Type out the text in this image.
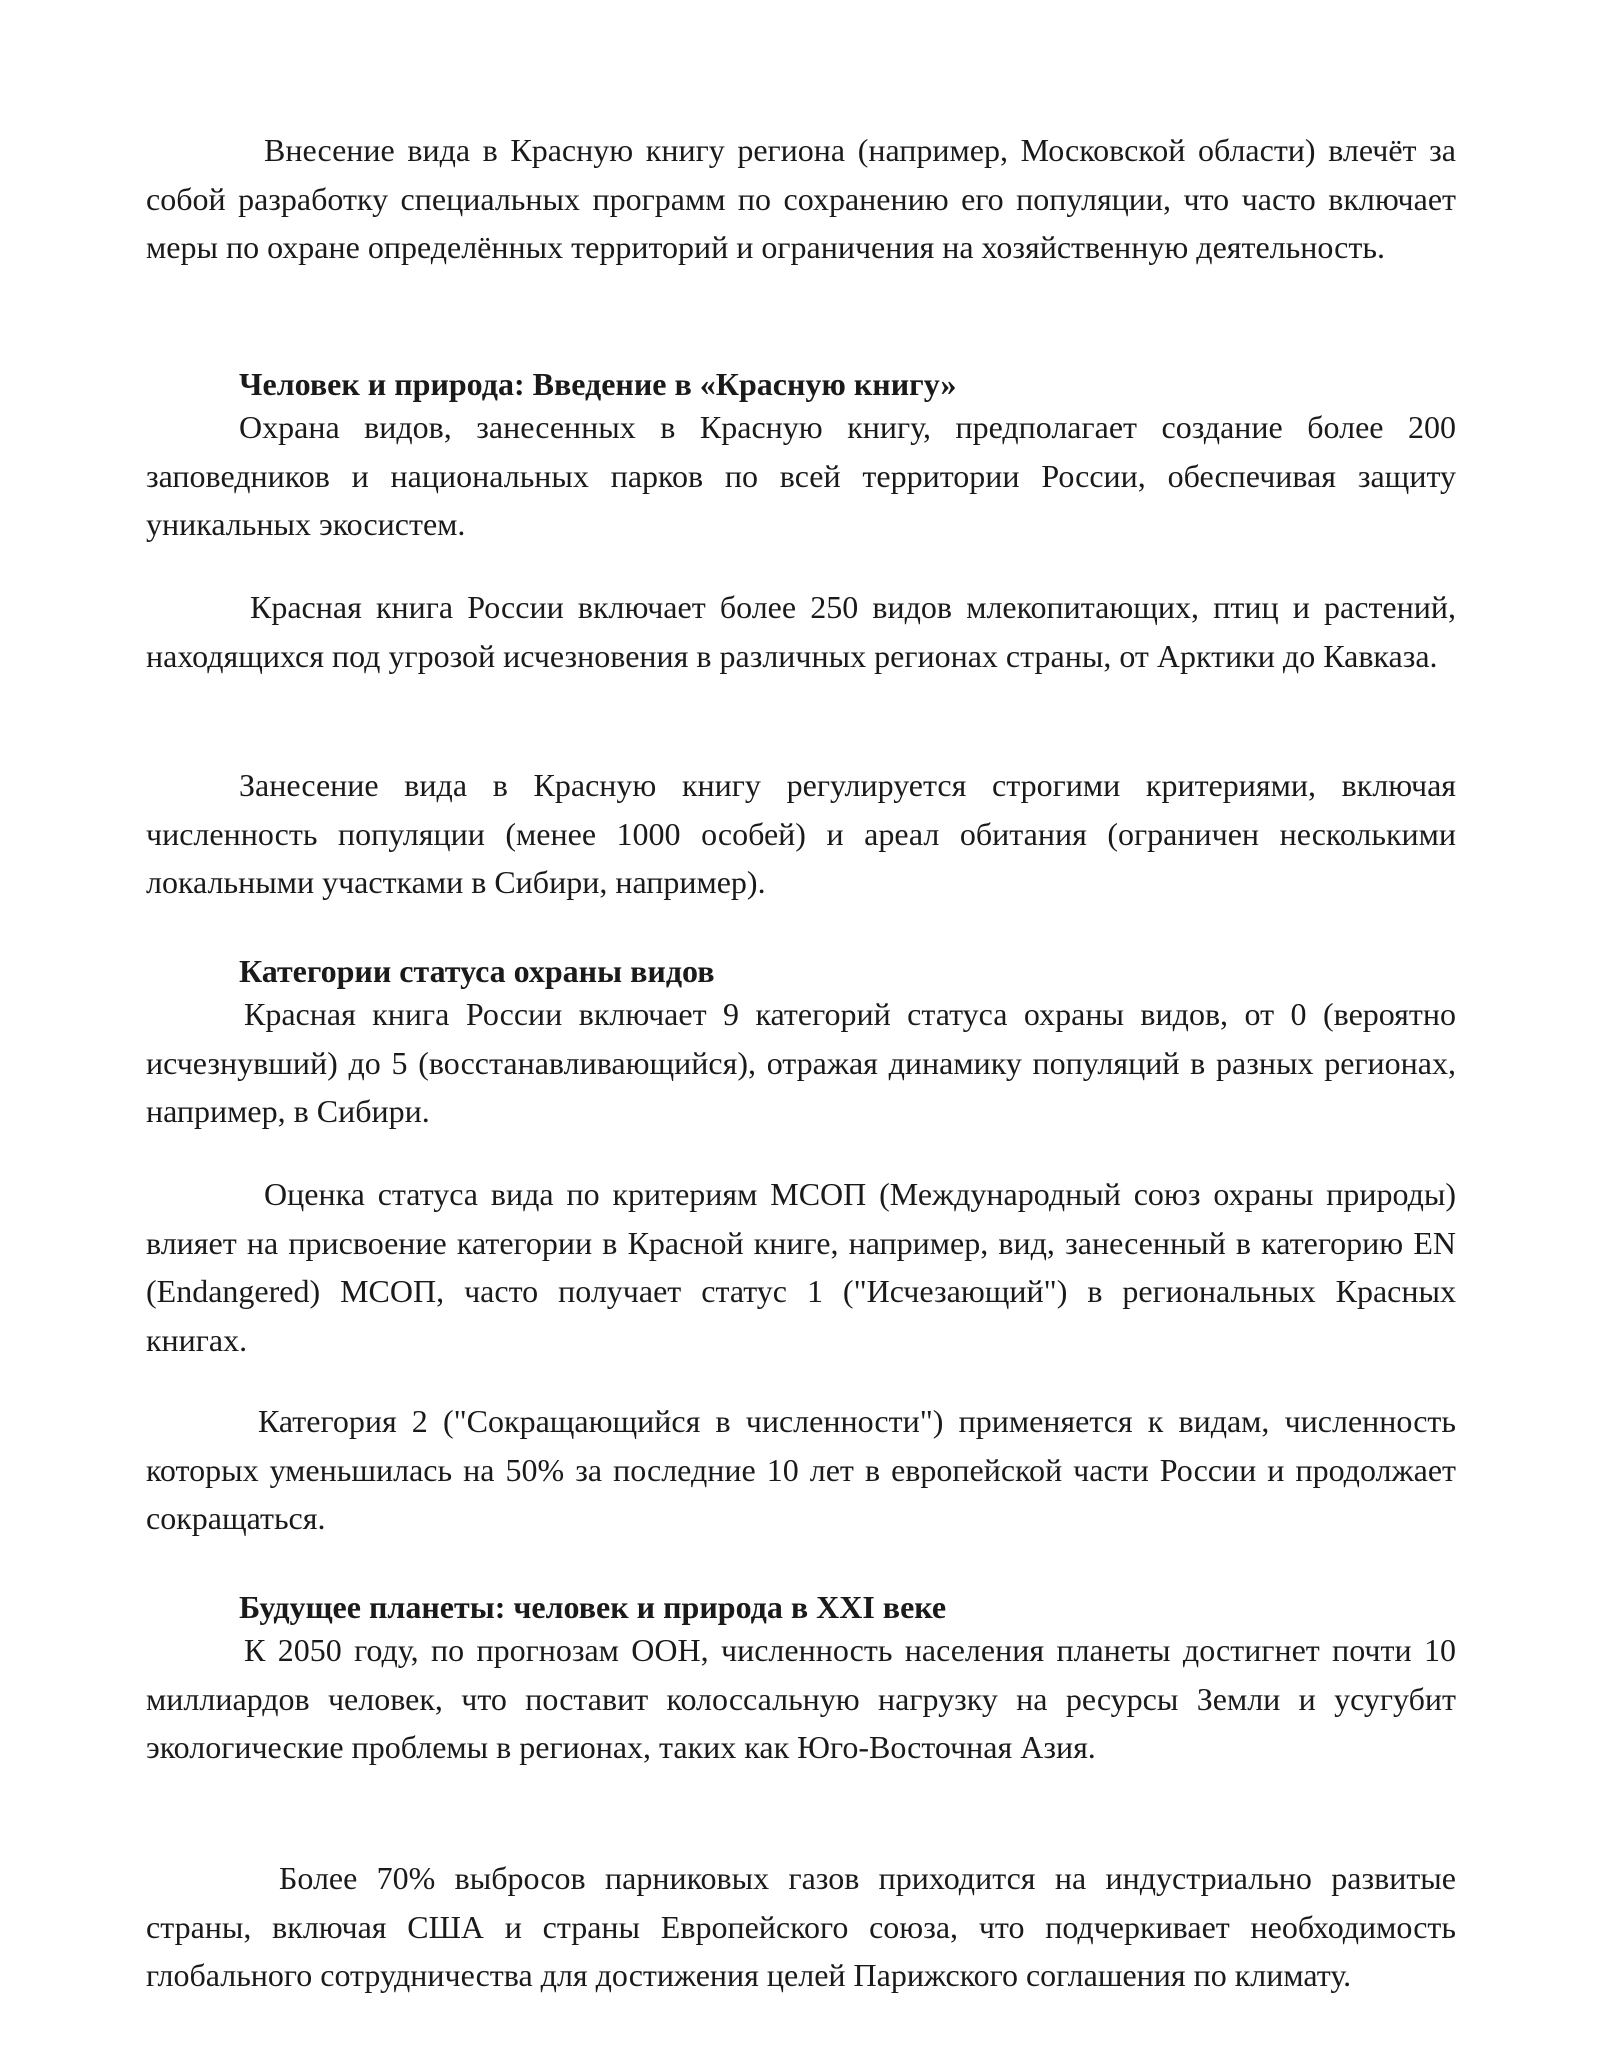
Внесение вида в Красную книгу региона (например, Московской области) влечёт за собой разработку специальных программ по сохранению его популяции, что часто включает меры по охране определённых территорий и ограничения на хозяйственную деятельность.

Человек и природа: Введение в «Красную книгу»

Охрана видов, занесенных в Красную книгу, предполагает создание более 200 заповедников и национальных парков по всей территории России, обеспечивая защиту уникальных экосистем.

Красная книга России включает более 250 видов млекопитающих, птиц и растений, находящихся под угрозой исчезновения в различных регионах страны, от Арктики до Кавказа.

Занесение вида в Красную книгу регулируется строгими критериями, включая численность популяции (менее 1000 особей) и ареал обитания (ограничен несколькими локальными участками в Сибири, например).

Категории статуса охраны видов

Красная книга России включает 9 категорий статуса охраны видов, от 0 (вероятно исчезнувший) до 5 (восстанавливающийся), отражая динамику популяций в разных регионах, например, в Сибири.

Оценка статуса вида по критериям МСОП (Международный союз охраны природы) влияет на присвоение категории в Красной книге, например, вид, занесенный в категорию EN (Endangered) МСОП, часто получает статус 1 ("Исчезающий") в региональных Красных книгах.

Категория 2 ("Сокращающийся в численности") применяется к видам, численность которых уменьшилась на 50% за последние 10 лет в европейской части России и продолжает сокращаться.

Будущее планеты: человек и природа в XXI веке

К 2050 году, по прогнозам ООН, численность населения планеты достигнет почти 10 миллиардов человек, что поставит колоссальную нагрузку на ресурсы Земли и усугубит экологические проблемы в регионах, таких как Юго-Восточная Азия.

Более 70% выбросов парниковых газов приходится на индустриально развитые страны, включая США и страны Европейского союза, что подчеркивает необходимость глобального сотрудничества для достижения целей Парижского соглашения по климату.
